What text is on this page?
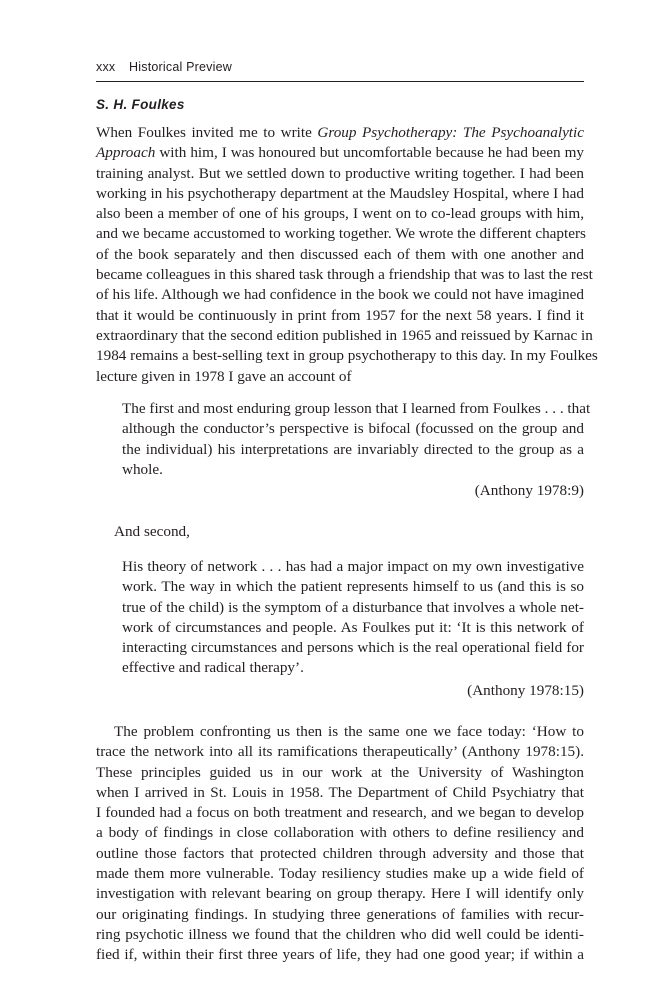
xxx Historical Preview
S. H. Foulkes
When Foulkes invited me to write Group Psychotherapy: The Psychoanalytic
Approach with him, I was honoured but uncomfortable because he had been my
training analyst. But we settled down to productive writing together. I had been
working in his psychotherapy department at the Maudsley Hospital, where I had
also been a member of one of his groups, I went on to co-lead groups with him,
and we became accustomed to working together. We wrote the different chapters
of the book separately and then discussed each of them with one another and
became colleagues in this shared task through a friendship that was to last the rest
of his life. Although we had confidence in the book we could not have imagined
that it would be continuously in print from 1957 for the next 58 years. I find it
extraordinary that the second edition published in 1965 and reissued by Karnac in
1984 remains a best-selling text in group psychotherapy to this day. In my Foulkes
lecture given in 1978 I gave an account of
The first and most enduring group lesson that I learned from Foulkes . . . that
although the conductor’s perspective is bifocal (focussed on the group and
the individual) his interpretations are invariably directed to the group as a
whole.
(Anthony 1978:9)
And second,
His theory of network . . . has had a major impact on my own investigative
work. The way in which the patient represents himself to us (and this is so
true of the child) is the symptom of a disturbance that involves a whole net-
work of circumstances and people. As Foulkes put it: ‘It is this network of
interacting circumstances and persons which is the real operational field for
effective and radical therapy’.
(Anthony 1978:15)
The problem confronting us then is the same one we face today: ‘How to
trace the network into all its ramifications therapeutically’ (Anthony 1978:15).
These principles guided us in our work at the University of Washington
when I arrived in St. Louis in 1958. The Department of Child Psychiatry that
I founded had a focus on both treatment and research, and we began to develop
a body of findings in close collaboration with others to define resiliency and
outline those factors that protected children through adversity and those that
made them more vulnerable. Today resiliency studies make up a wide field of
investigation with relevant bearing on group therapy. Here I will identify only
our originating findings. In studying three generations of families with recur-
ring psychotic illness we found that the children who did well could be identi-
fied if, within their first three years of life, they had one good year; if within a
